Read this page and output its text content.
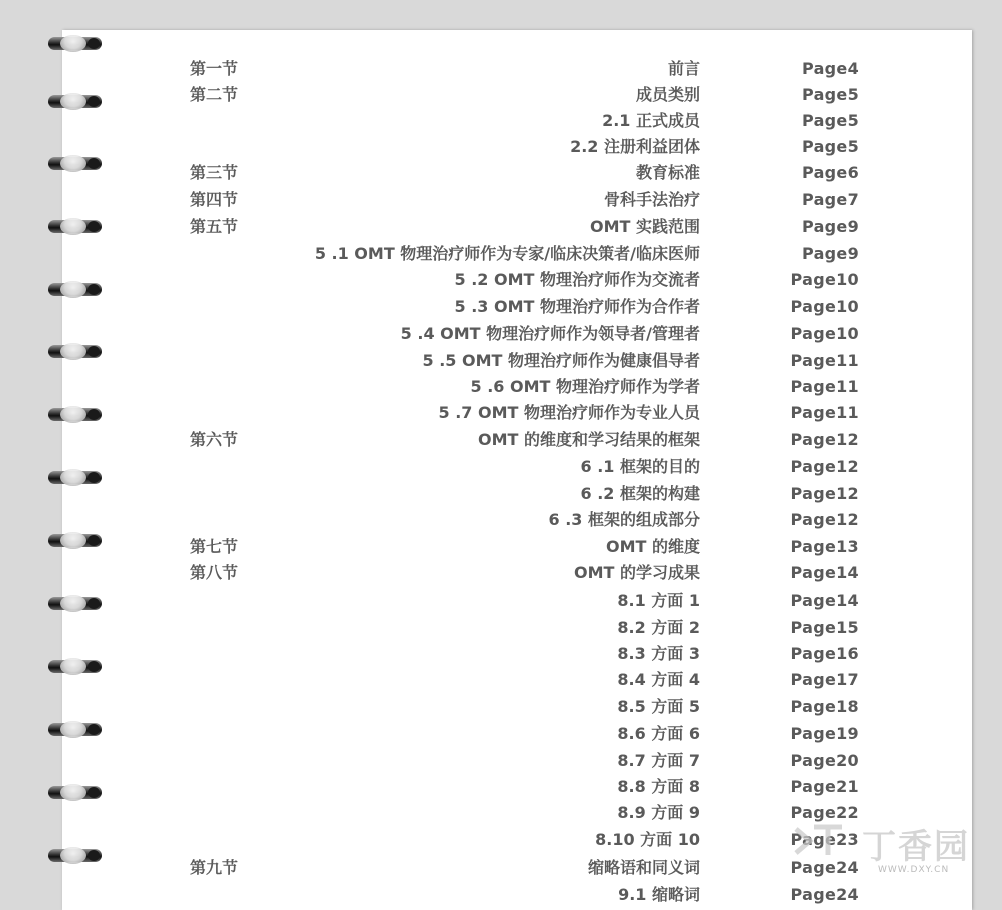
第一节	前言	Page4
第二节	成员类别	Page5
2.1 正式成员	Page5
2.2 注册利益团体	Page5
第三节	教育标准	Page6
第四节	骨科手法治疗	Page7
第五节	OMT 实践范围	Page9
5 .1 OMT 物理治疗师作为专家/临床决策者/临床医师	Page9
5 .2 OMT 物理治疗师作为交流者	Page10
5 .3 OMT 物理治疗师作为合作者	Page10
5 .4 OMT 物理治疗师作为领导者/管理者	Page10
5 .5 OMT 物理治疗师作为健康倡导者	Page11
5 .6 OMT 物理治疗师作为学者	Page11
5 .7 OMT 物理治疗师作为专业人员	Page11
第六节	OMT 的维度和学习结果的框架	Page12
6 .1 框架的目的	Page12
6 .2 框架的构建	Page12
6 .3 框架的组成部分	Page12
第七节	OMT 的维度	Page13
第八节	OMT 的学习成果	Page14
8.1 方面 1	Page14
8.2 方面 2	Page15
8.3 方面 3	Page16
8.4 方面 4	Page17
8.5 方面 5	Page18
8.6 方面 6	Page19
8.7 方面 7	Page20
8.8 方面 8	Page21
8.9 方面 9	Page22
8.10 方面 10	Page23
第九节	缩略语和同义词	Page24
9.1 缩略词	Page24
丁香园
WWW.DXY.CN
